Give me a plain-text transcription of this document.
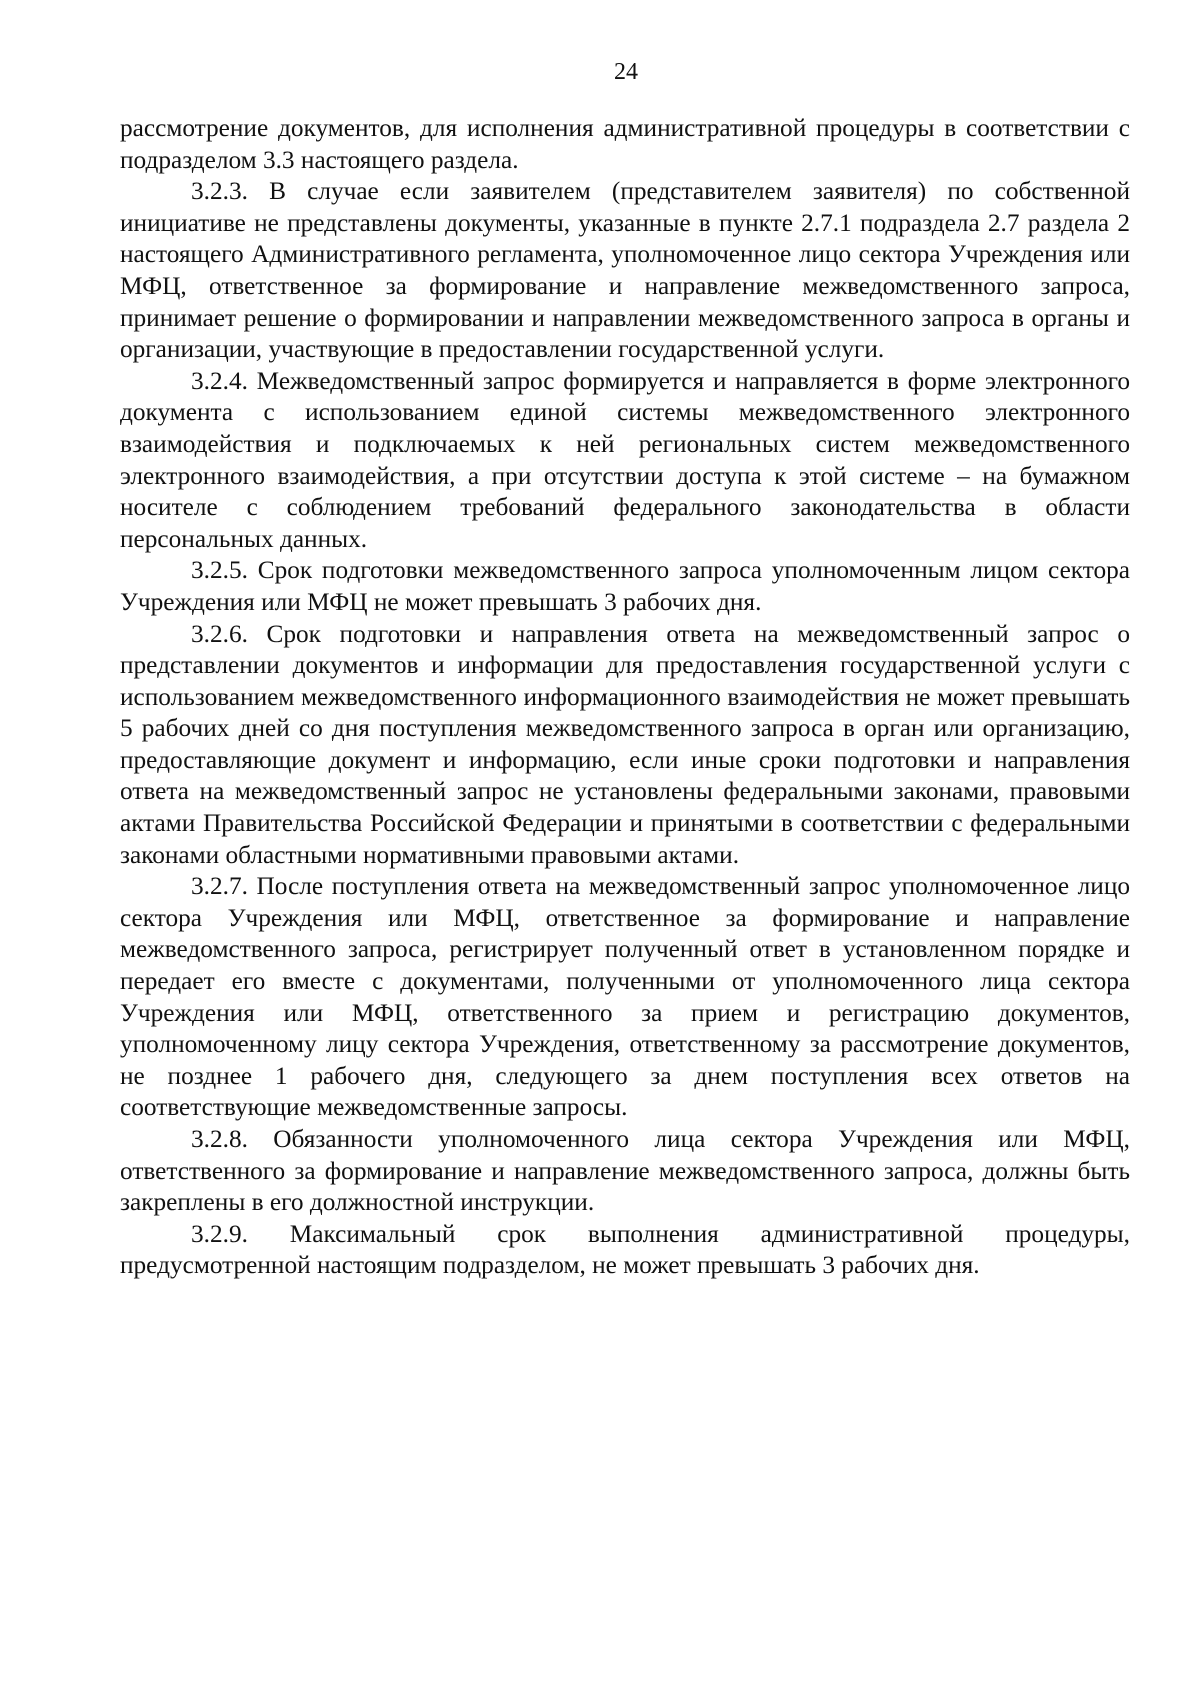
24

рассмотрение документов, для исполнения административной процедуры в соответствии с подразделом 3.3 настоящего раздела.

3.2.3. В случае если заявителем (представителем заявителя) по собственной инициативе не представлены документы, указанные в пункте 2.7.1 подраздела 2.7 раздела 2 настоящего Административного регламента, уполномоченное лицо сектора Учреждения или МФЦ, ответственное за формирование и направление межведомственного запроса, принимает решение о формировании и направлении межведомственного запроса в органы и организации, участвующие в предоставлении государственной услуги.

3.2.4. Межведомственный запрос формируется и направляется в форме электронного документа с использованием единой системы межведомственного электронного взаимодействия и подключаемых к ней региональных систем межведомственного электронного взаимодействия, а при отсутствии доступа к этой системе – на бумажном носителе с соблюдением требований федерального законодательства в области персональных данных.

3.2.5. Срок подготовки межведомственного запроса уполномоченным лицом сектора Учреждения или МФЦ не может превышать 3 рабочих дня.

3.2.6. Срок подготовки и направления ответа на межведомственный запрос о представлении документов и информации для предоставления государственной услуги с использованием межведомственного информационного взаимодействия не может превышать 5 рабочих дней со дня поступления межведомственного запроса в орган или организацию, предоставляющие документ и информацию, если иные сроки подготовки и направления ответа на межведомственный запрос не установлены федеральными законами, правовыми актами Правительства Российской Федерации и принятыми в соответствии с федеральными законами областными нормативными правовыми актами.

3.2.7. После поступления ответа на межведомственный запрос уполномоченное лицо сектора Учреждения или МФЦ, ответственное за формирование и направление межведомственного запроса, регистрирует полученный ответ в установленном порядке и передает его вместе с документами, полученными от уполномоченного лица сектора Учреждения или МФЦ, ответственного за прием и регистрацию документов, уполномоченному лицу сектора Учреждения, ответственному за рассмотрение документов, не позднее 1 рабочего дня, следующего за днем поступления всех ответов на соответствующие межведомственные запросы.

3.2.8. Обязанности уполномоченного лица сектора Учреждения или МФЦ, ответственного за формирование и направление межведомственного запроса, должны быть закреплены в его должностной инструкции.

3.2.9. Максимальный срок выполнения административной процедуры, предусмотренной настоящим подразделом, не может превышать 3 рабочих дня.
